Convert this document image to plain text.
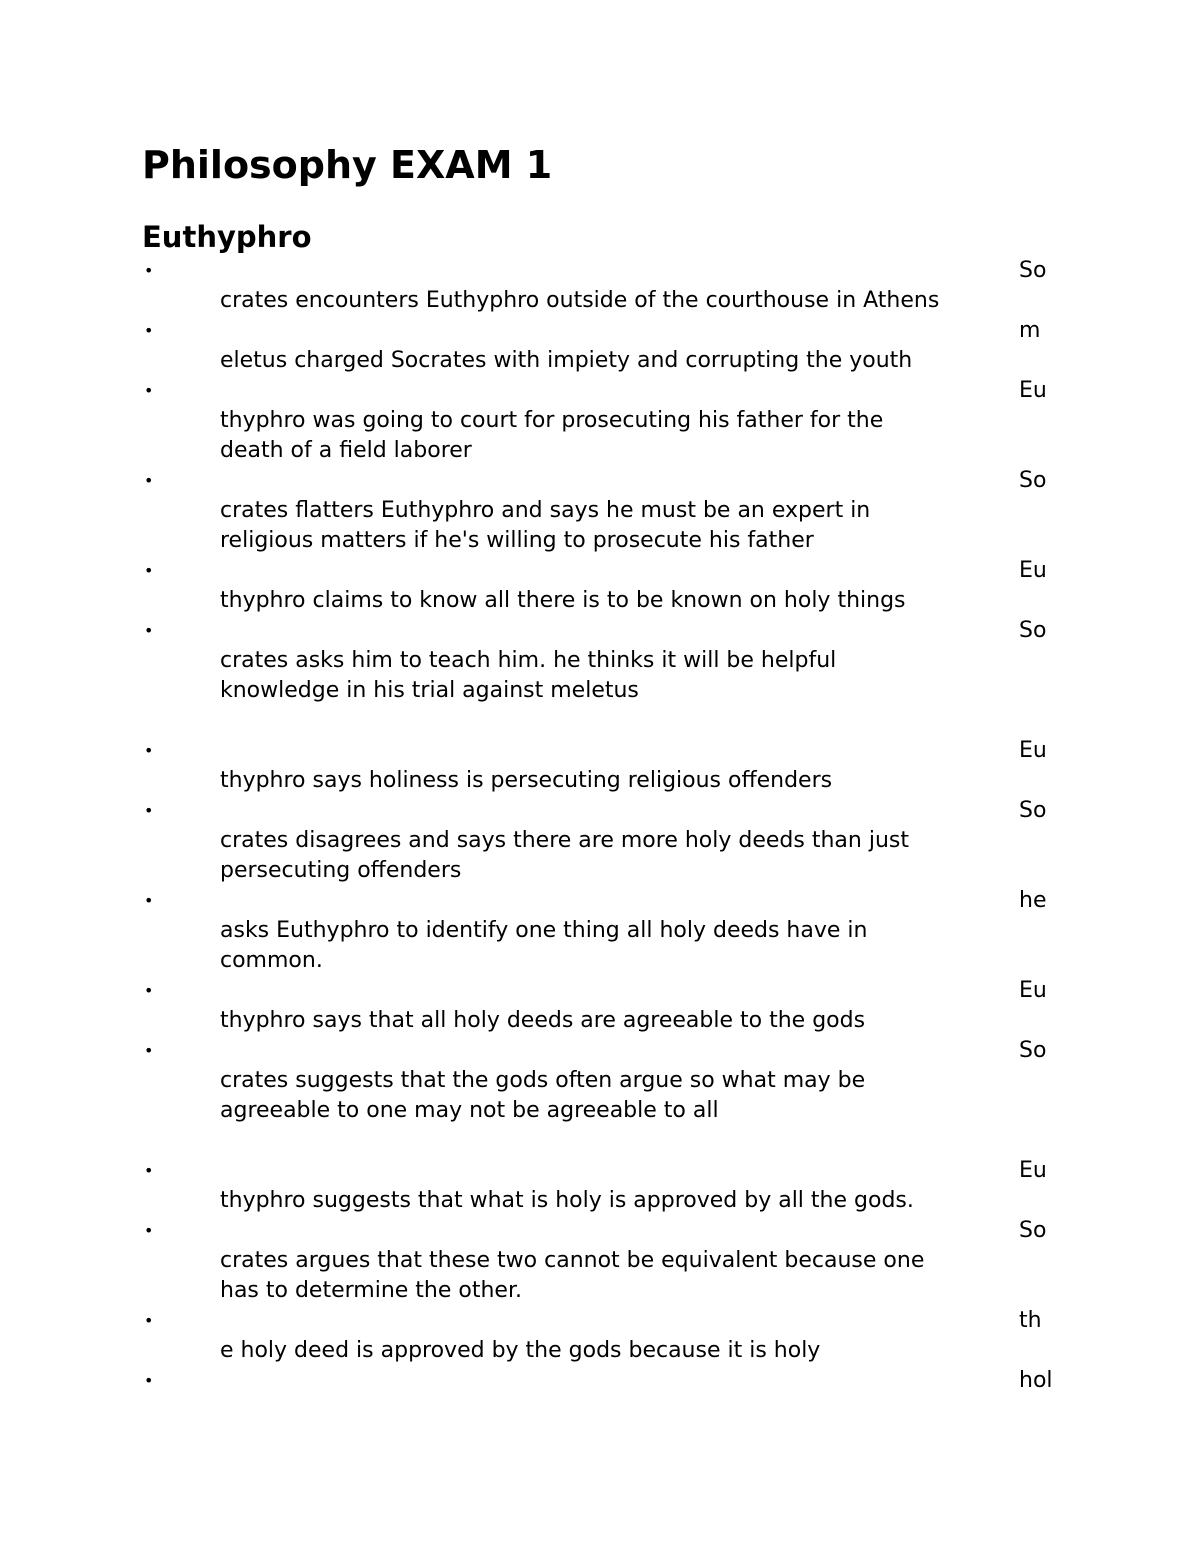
Philosophy EXAM 1
Euthyphro
•	So

crates encounters Euthyphro outside of the courthouse in Athens

•	m

eletus charged Socrates with impiety and corrupting the youth

•	Eu

thyphro was going to court for prosecuting his father for the
death of a field laborer

•	So

crates flatters Euthyphro and says he must be an expert in
religious matters if he's willing to prosecute his father

•	Eu

thyphro claims to know all there is to be known on holy things

•	So

crates asks him to teach him. he thinks it will be helpful
knowledge in his trial against meletus

•	Eu

thyphro says holiness is persecuting religious offenders

•	So

crates disagrees and says there are more holy deeds than just
persecuting offenders

•	he

asks Euthyphro to identify one thing all holy deeds have in
common.

•	Eu

thyphro says that all holy deeds are agreeable to the gods

•	So

crates suggests that the gods often argue so what may be
agreeable to one may not be agreeable to all

•	Eu

thyphro suggests that what is holy is approved by all the gods.

•	So

crates argues that these two cannot be equivalent because one
has to determine the other.

•	th

e holy deed is approved by the gods because it is holy

•	hol
